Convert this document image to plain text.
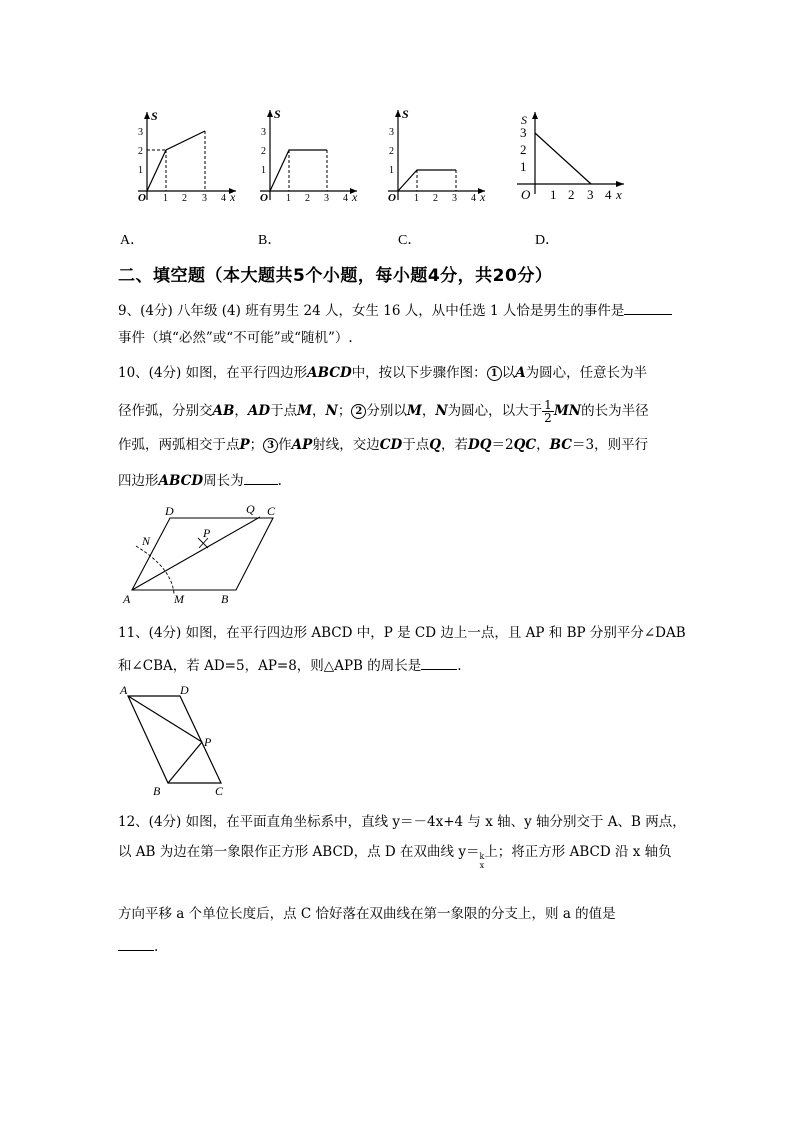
S
x
O
1
2
3
1 2 3 4
S
x
O
1
2
3
1 2 3 4
S
x
O
1
2
3
1 2 3 4
S
x
O
1
2
3
1 2 3 4
A．	B．	C．	D．
二、填空题（本大题共5个小题，每小题4分，共20分）
9、(4分) 八年级 (4) 班有男生 24 人，女生 16 人，从中任选 1 人恰是男生的事件是
事件（填“必然”或“不可能”或“随机”）.
10、(4分) 如图，在平行四边形ABCD中，按以下步骤作图： 1 以A为圆心，任意长为半
径作弧，分别交AB，AD于点M，N； 2 分别以M，N为圆心，以大于 $\frac{1}{2}$ MN的长为半径
作弧，两弧相交于点P； 3 作AP射线，交边CD于点Q，若DQ＝2QC，BC＝3，则平行
四边形ABCD周长为	.
D	Q C
N
P
A	M	B
11、(4分) 如图，在平行四边形 ABCD 中，P 是 CD 边上一点，且 AP 和 BP 分别平分∠DAB
和∠CBA，若 AD=5，AP=8，则△APB 的周长是	.
A	D
P
B	C
12、(4分) 如图，在平面直角坐标系中，直线 y＝－4x+4 与 x 轴、y 轴分别交于 A、B 两点，
以 AB 为边在第一象限作正方形 ABCD，点 D 在双曲线 y＝ k
x
上；将正方形 ABCD 沿 x 轴负
方向平移 a 个单位长度后，点 C 恰好落在双曲线在第一象限的分支上，则 a 的值是
.
